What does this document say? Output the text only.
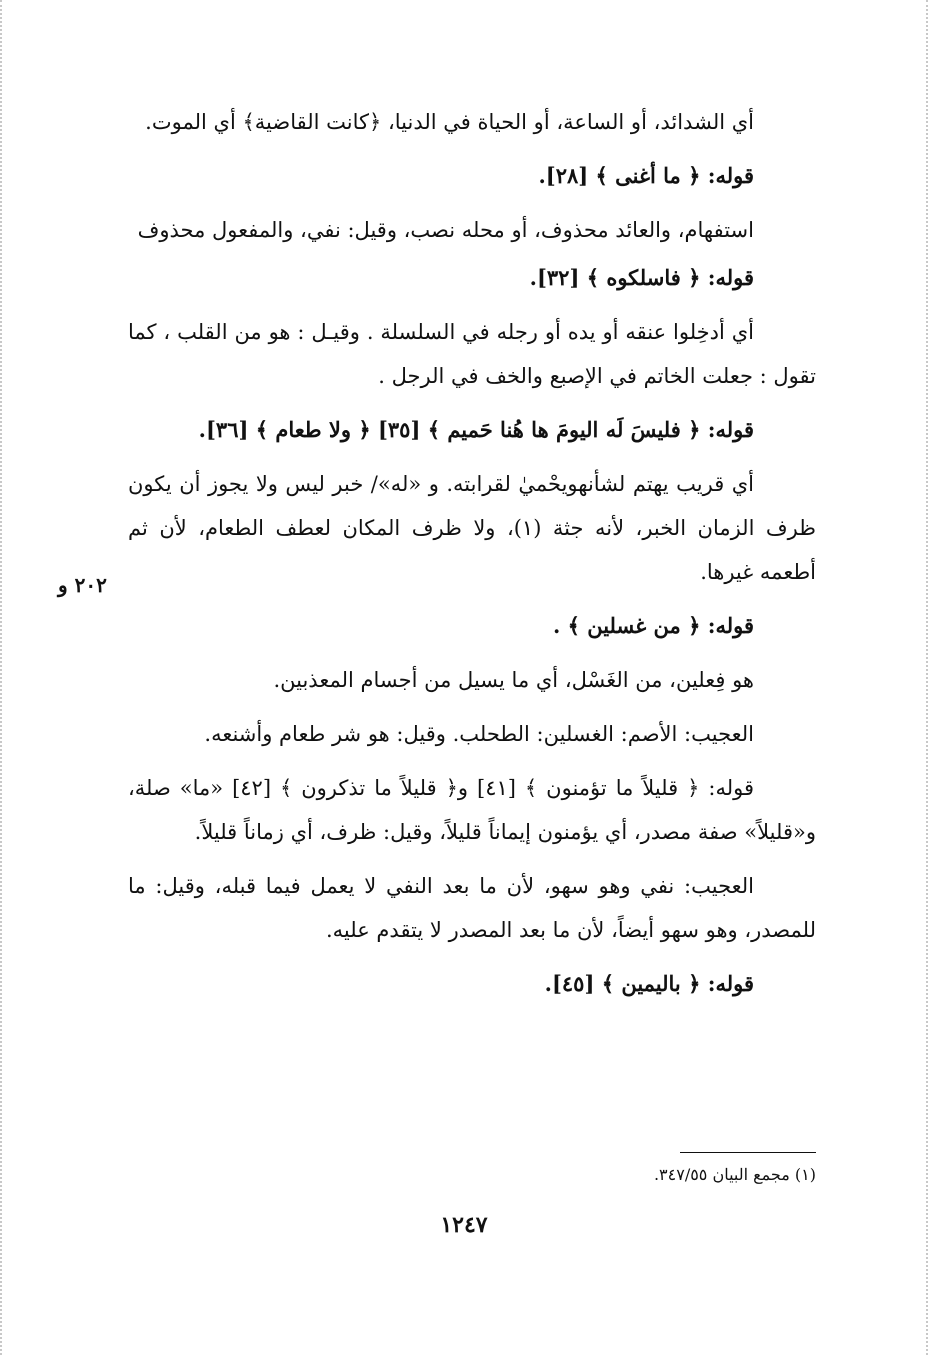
أي الشدائد، أو الساعة، أو الحياة في الدنيا، ﴿كانت القاضية﴾ أي الموت.

قوله: ﴿ ما أغنى ﴾ [٢٨].

استفهام، والعائد محذوف، أو محله نصب، وقيل: نفي، والمفعول محذوف

قوله: ﴿ فاسلكوه ﴾ [٣٢].

أي أدخِلوا عنقه أو يده أو رجله في السلسلة . وقيـل : هو من القلب ، كما تقول : جعلت الخاتم في الإصبع والخف في الرجل .

قوله: ﴿ فليسَ لَه اليومَ ها هُنا حَميم ﴾ [٣٥] ﴿ ولا طعام ﴾ [٣٦].

أي قريب يهتم لشأنهويحْميٰ لقرابته. و «له»/ خبر ليس ولا يجوز أن يكون ظرف الزمان الخبر، لأنه جثة (١)، ولا ظرف المكان لعطف الطعام، لأن ثم أطعمه غيرها.

قوله: ﴿ من غسلين ﴾ .

هو فِعلين، من الغَسْل، أي ما يسيل من أجسام المعذبين.

العجيب: الأصم: الغسلين: الطحلب. وقيل: هو شر طعام وأشنعه.

قوله: ﴿ قليلاً ما تؤمنون ﴾ [٤١] و﴿ قليلاً ما تذكرون ﴾ [٤٢] «ما» صلة، و«قليلاً» صفة مصدر، أي يؤمنون إيماناً قليلاً، وقيل: ظرف، أي زماناً قليلاً.

العجيب: نفي وهو سهو، لأن ما بعد النفي لا يعمل فيما قبله، وقيل: ما للمصدر، وهو سهو أيضاً، لأن ما بعد المصدر لا يتقدم عليه.

قوله: ﴿ باليمين ﴾ [٤٥].

٢٠٢ و
(١) مجمع البيان ٣٤٧/٥٥.
١٢٤٧
